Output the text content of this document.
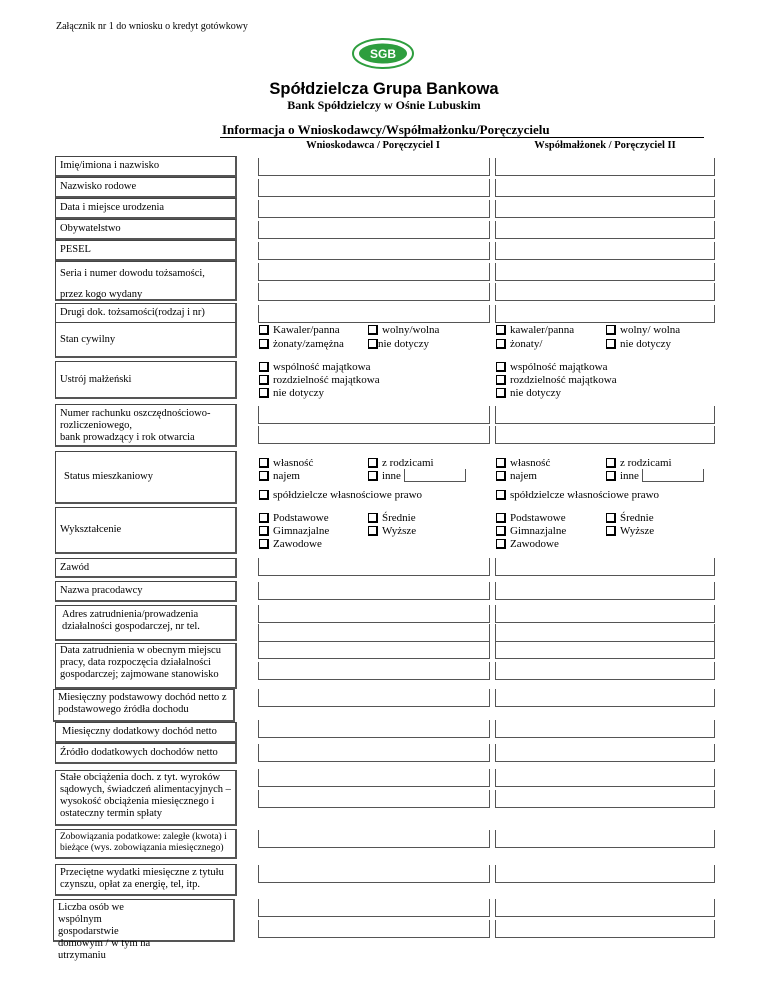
Załącznik nr 1 do wniosku o kredyt gotówkowy
SGB
Spółdzielcza Grupa Bankowa
Bank Spółdzielczy w Ośnie Lubuskim
Informacja o Wnioskodawcy/Współmałżonku/Poręczycielu
Wnioskodawca / Poręczyciel I	Współmałżonek / Poręczyciel II
Imię/imiona i nazwisko
Nazwisko rodowe
Data i miejsce urodzenia
Obywatelstwo
PESEL
Seria i numer dowodu tożsamości,
przez kogo wydany
Drugi dok. tożsamości(rodzaj i nr)
Stan cywilny
Kawaler/panna
żonaty/zamężna
wolny/wolna
nie dotyczy
kawaler/panna
żonaty/
wolny/ wolna
nie dotyczy
Ustrój małżeński
wspólność majątkowa
rozdzielność majątkowa
nie dotyczy
wspólność majątkowa
rozdzielność majątkowa
nie dotyczy
Numer rachunku oszczędnościowo-rozliczeniowego,
bank prowadzący i rok otwarcia
Status mieszkaniowy
własność
najem
z rodzicami
inne
spółdzielcze własnościowe prawo
własność
najem
z rodzicami
inne
spółdzielcze własnościowe prawo
Wykształcenie
Podstawowe
Gimnazjalne
Zawodowe
Średnie
Wyższe
Podstawowe
Gimnazjalne
Zawodowe
Średnie
Wyższe
Zawód
Nazwa pracodawcy
Adres zatrudnienia/prowadzenia działalności gospodarczej, nr tel.
Data zatrudnienia w obecnym miejscu pracy, data rozpoczęcia działalności gospodarczej; zajmowane stanowisko
Miesięczny podstawowy dochód netto z podstawowego źródła dochodu
Miesięczny dodatkowy dochód netto
Źródło dodatkowych dochodów netto
Stałe obciążenia doch. z tyt. wyroków sądowych, świadczeń alimentacyjnych – wysokość obciążenia miesięcznego i ostateczny termin spłaty
Zobowiązania podatkowe: zaległe (kwota) i bieżące (wys. zobowiązania miesięcznego)
Przeciętne wydatki miesięczne z tytułu czynszu, opłat za energię, tel, itp.
Liczba osób we wspólnym gospodarstwie domowym / w tym na utrzymaniu
